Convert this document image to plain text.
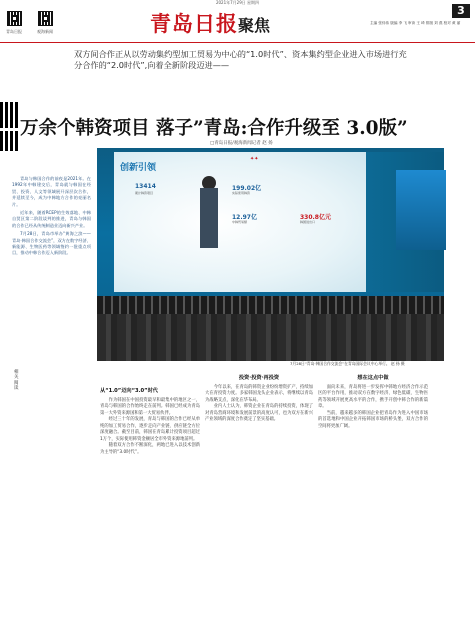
2021年7月29日 星期四
青岛日报	观海新闻	青岛日报聚焦
3
主编 张伟伟 版编 李 飞 审读 王 琦 排版 刘 燕 校对 黄 丽
双方间合作正从以劳动集约型加工贸易为中心的“1.0时代”、资本集约型企业进入市场进行充分合作的“2.0时代”,向着全新阶段迈进——
万余个韩资项目 落子”青岛:合作升级至 3.0版”
□青岛日报/观海新闻记者 赵 扬

青岛与韩国合作的前夜是2021年。在1992年中韩建交后，青岛就与韩国在经贸、投资、人文等领域展开深层次合作，并延续至今，成为中韩地方合作的亮丽名片。

近年来，随着RCEP的生效落地、中韩自贸区第二阶段谈判的推进，青岛与韩国的合作已经从传统制造业迈向新兴产业。

7月28日，青岛市举办“黄海之滨——青岛·韩国合作交流会”，双方在数字经济、新能源、生物医药等领域签约一批重点项目，推动中韩合作迈入新阶段。

相关阅读
创新引领
✦✦
13414
累计韩资项目
199.02亿
实际使用韩资
12.97亿
中韩贸易额
330.8亿元
韩国进出口
7月28日“青岛·韩国合作交流会”在青岛国际会议中心举行。 赵 扬 摄
从“1.0”迈向“3.0”时代

作为韩国在中国投资最早和最集中的地区之一，青岛与韩国的合作始终走在前列。韩国已经成为青岛第一大外资来源国和第一大贸易伙伴。

经过三十年的发展，青岛与韩国的合作已经从单纯的加工贸易合作，逐步走向产业链、供应链全方位深度融合。截至目前，韩国在青岛累计投资项目超过1万个，实际使用韩资金额居全市外资来源地前列。

随着双方合作不断深化，两地已进入以技术创新为主导的“3.0时代”。

投资·投资·再投资

今年以来，在青岛的韩资企业纷纷增资扩产，持续加大在青投资力度。多家韩国龙头企业表示，将继续以青岛为战略支点，深化在华布局。

业内人士认为，韩资企业在青岛的持续投资，体现了对青岛营商环境和发展前景的高度认可，也为双方在新兴产业领域的深度合作奠定了坚实基础。

想在这点中做

面向未来，青岛将进一步发挥中韩地方经济合作示范区的平台作用，推动双方在数字经济、绿色低碳、生物医药等领域开展更高水平的合作，携手开创中韩合作的新篇章。

当前，越来越多的韩国企业把青岛作为进入中国市场的首选地和中国企业开拓韩国市场的桥头堡，双方合作的空间将更加广阔。
